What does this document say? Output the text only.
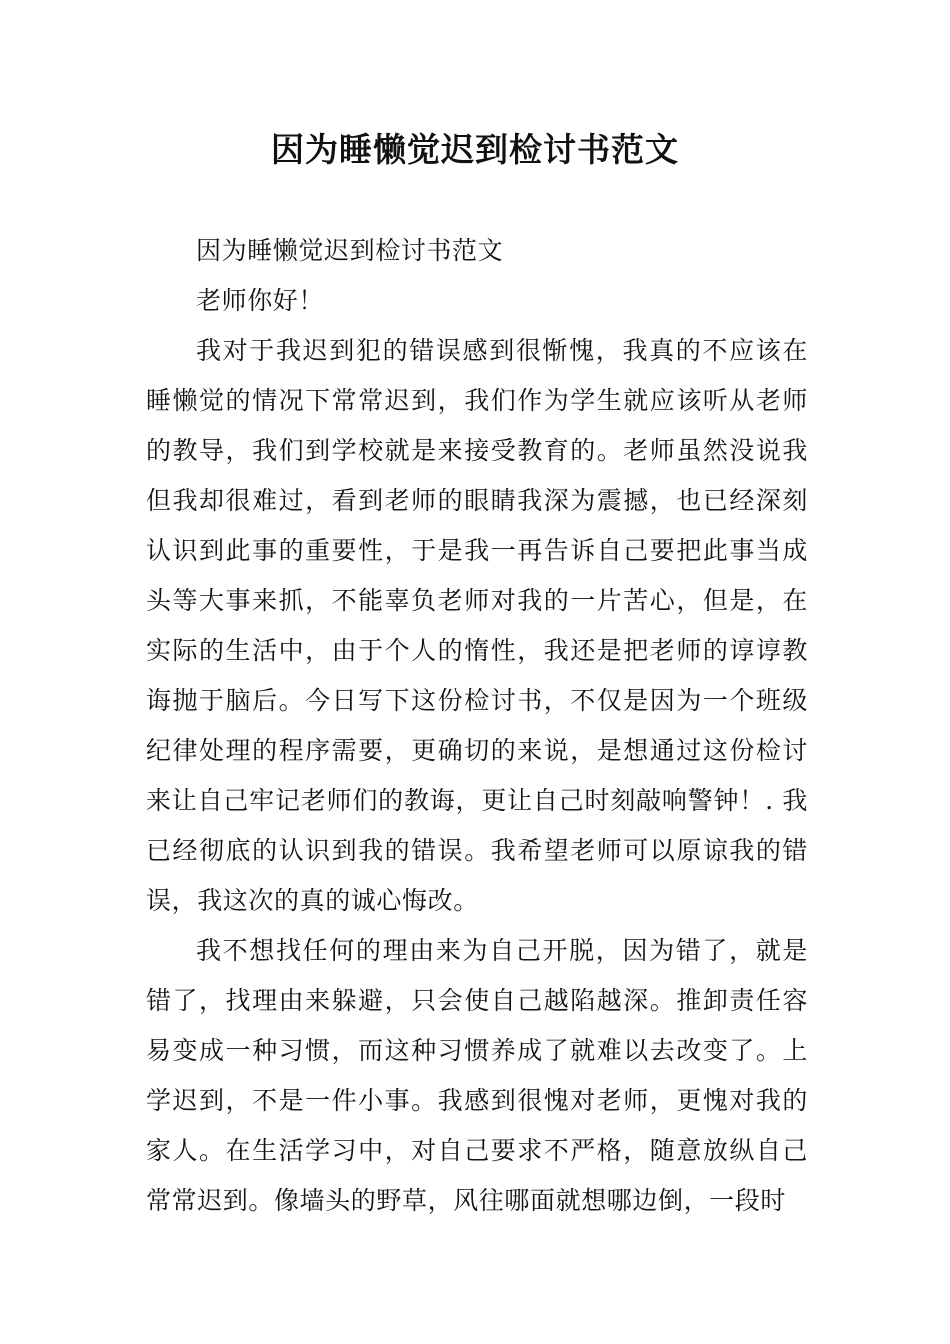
因为睡懒觉迟到检讨书范文

因为睡懒觉迟到检讨书范文

老师你好！

我对于我迟到犯的错误感到很惭愧，我真的不应该在睡懒觉的情况下常常迟到，我们作为学生就应该听从老师的教导，我们到学校就是来接受教育的。老师虽然没说我但我却很难过，看到老师的眼睛我深为震撼，也已经深刻认识到此事的重要性，于是我一再告诉自己要把此事当成头等大事来抓，不能辜负老师对我的一片苦心，但是，在实际的生活中，由于个人的惰性，我还是把老师的谆谆教诲抛于脑后。今日写下这份检讨书，不仅是因为一个班级纪律处理的程序需要，更确切的来说，是想通过这份检讨来让自己牢记老师们的教诲，更让自己时刻敲响警钟！. 我已经彻底的认识到我的错误。我希望老师可以原谅我的错误，我这次的真的诚心悔改。

我不想找任何的理由来为自己开脱，因为错了，就是错了，找理由来躲避，只会使自己越陷越深。推卸责任容易变成一种习惯，而这种习惯养成了就难以去改变了。上学迟到，不是一件小事。我感到很愧对老师，更愧对我的家人。在生活学习中，对自己要求不严格，随意放纵自己常常迟到。像墙头的野草，风往哪面就想哪边倒，一段时
